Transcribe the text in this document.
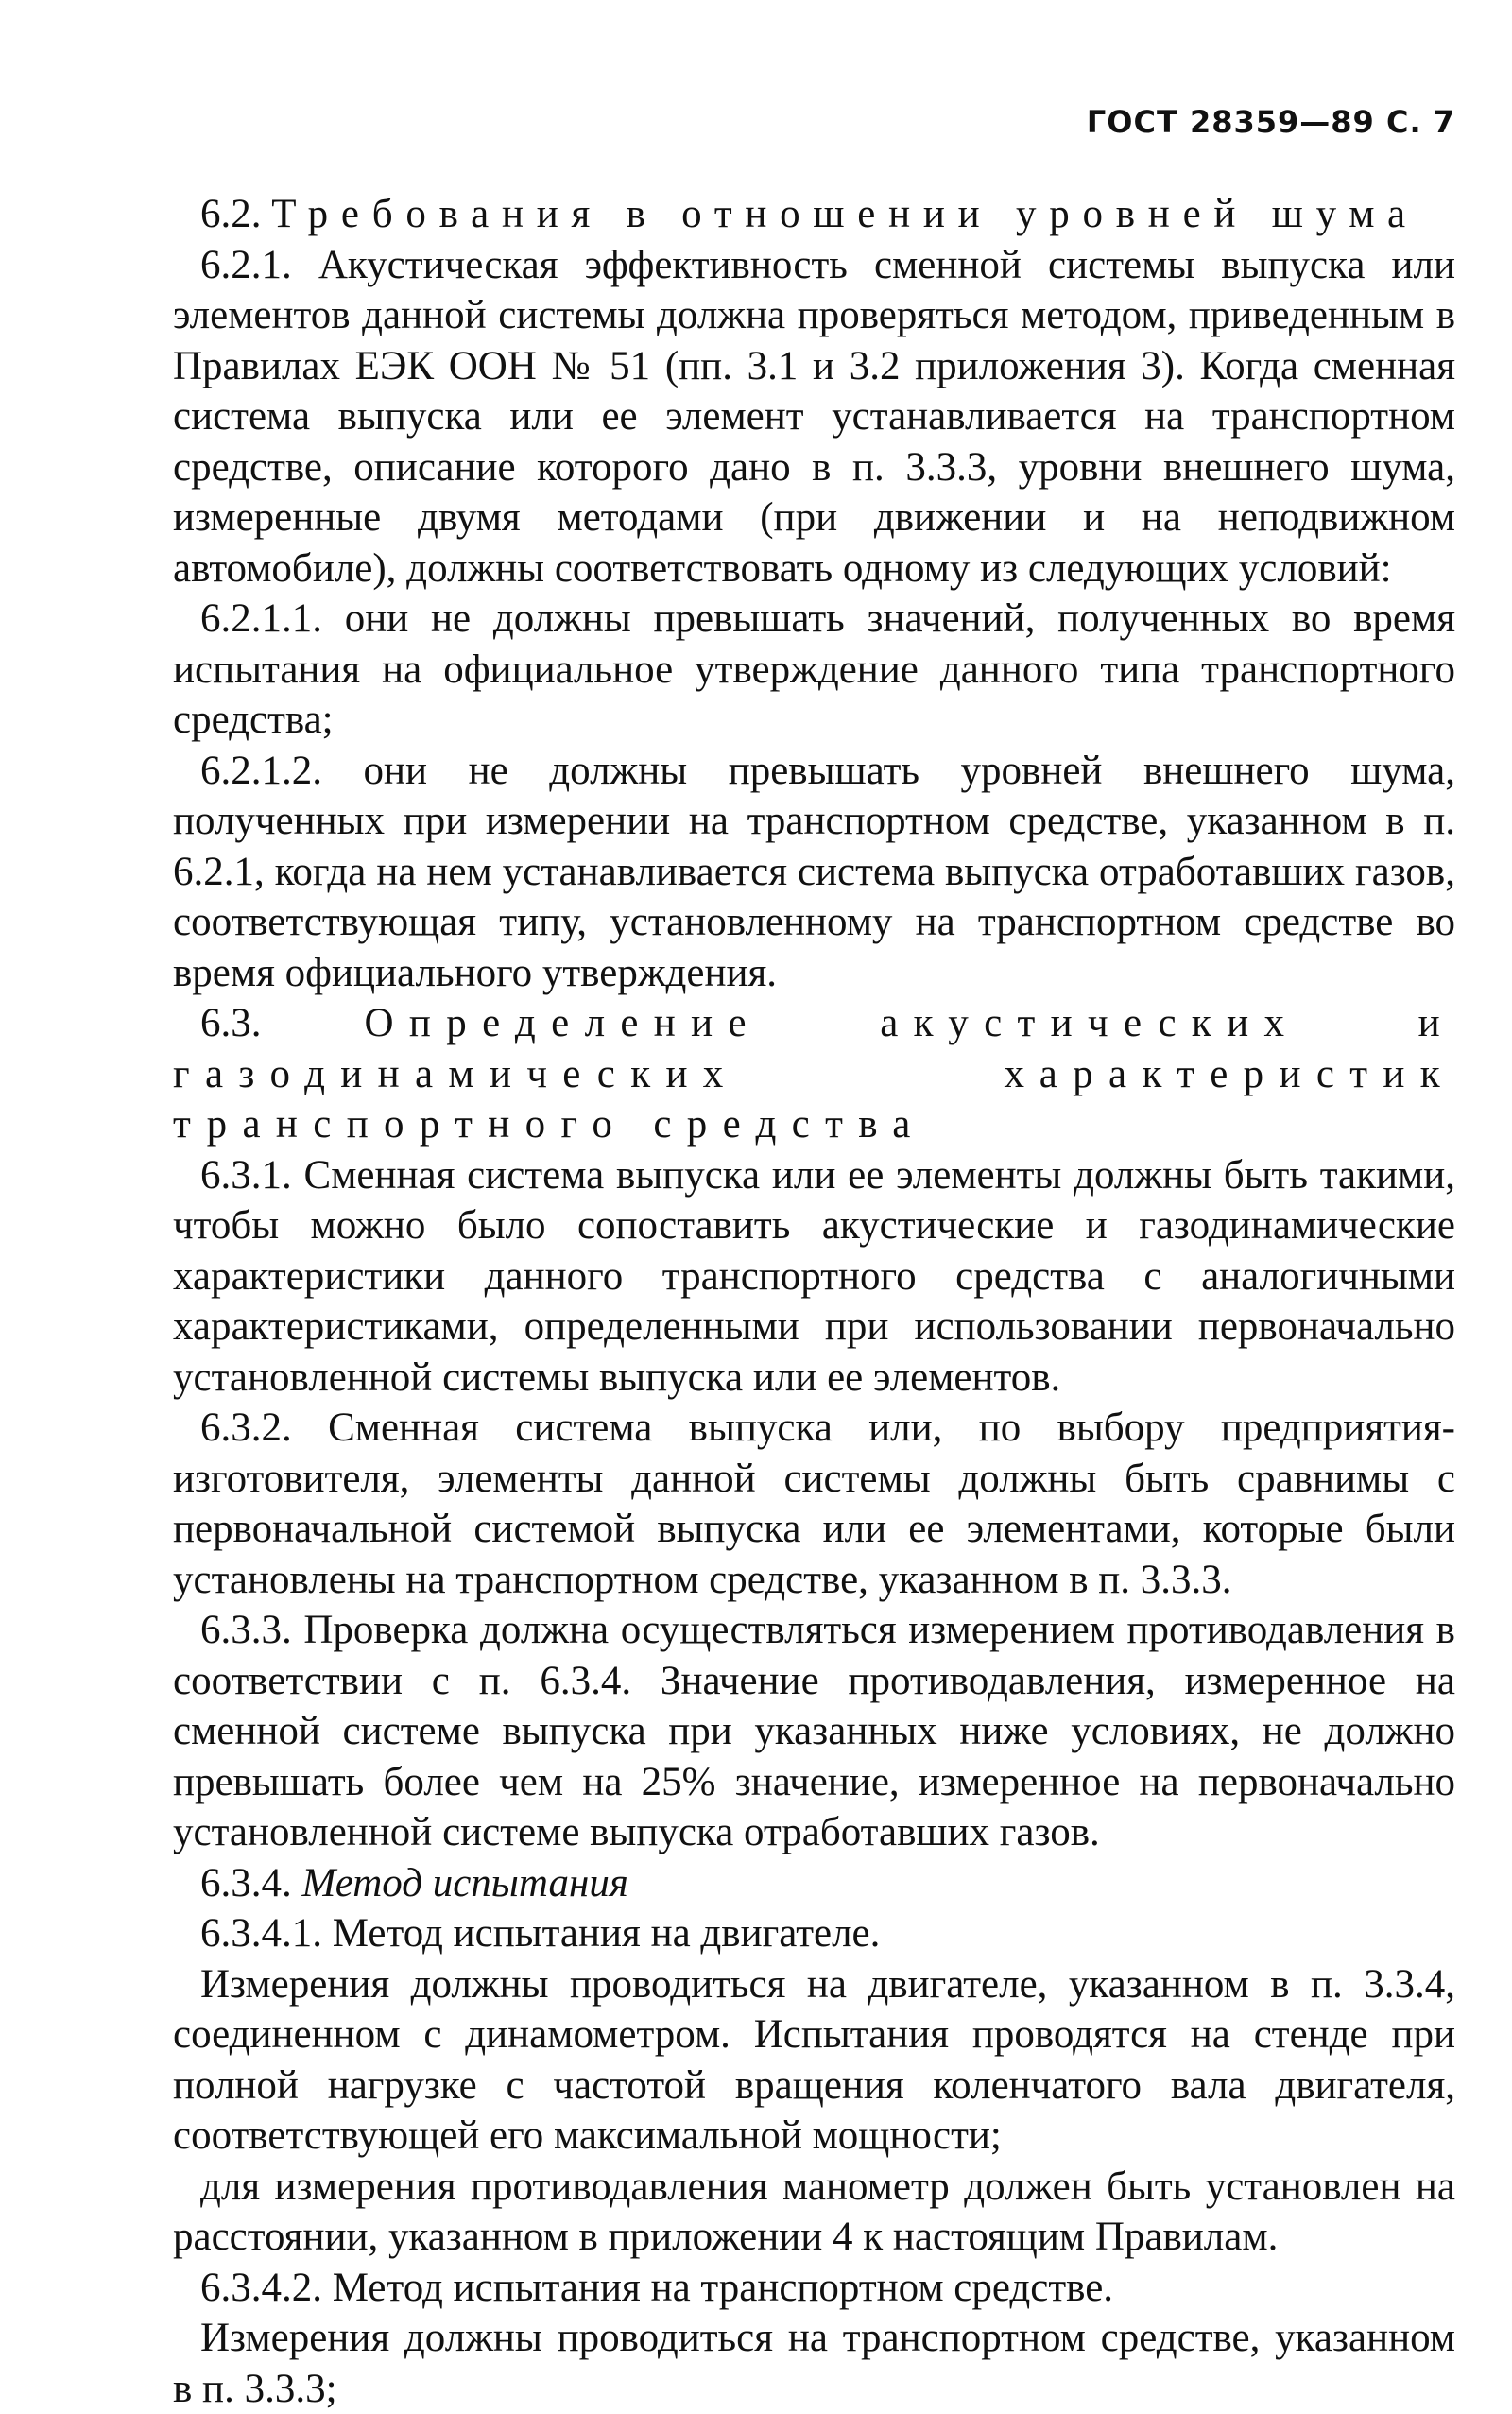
ГОСТ 28359—89 С. 7

6.2. Требования в отношении уровней шума

6.2.1. Акустическая эффективность сменной системы выпуска или элементов данной системы должна проверяться методом, приведенным в Правилах ЕЭК ООН № 51 (пп. 3.1 и 3.2 приложения 3). Когда сменная система выпуска или ее элемент устанавливается на транспортном средстве, описание которого дано в п. 3.3.3, уровни внешнего шума, измеренные двумя методами (при движении и на неподвижном автомобиле), должны соответствовать одному из следующих условий:

6.2.1.1. они не должны превышать значений, полученных во время испытания на официальное утверждение данного типа транспортного средства;

6.2.1.2. они не должны превышать уровней внешнего шума, полученных при измерении на транспортном средстве, указанном в п. 6.2.1, когда на нем устанавливается система выпуска отработавших газов, соответствующая типу, установленному на транспортном средстве во время официального утверждения.

6.3.	Определение акустических и газодинамических характеристик транспортного средства

6.3.1. Сменная система выпуска или ее элементы должны быть такими, чтобы можно было сопоставить акустические и газодинамические характеристики данного транспортного средства с аналогичными характеристиками, определенными при использовании первоначально установленной системы выпуска или ее элементов.

6.3.2. Сменная система выпуска или, по выбору предприятия-изготовителя, элементы данной системы должны быть сравнимы с первоначальной системой выпуска или ее элементами, которые были установлены на транспортном средстве, указанном в п. 3.3.3.

6.3.3. Проверка должна осуществляться измерением противодавления в соответствии с п. 6.3.4. Значение противодавления, измеренное на сменной системе выпуска при указанных ниже условиях, не должно превышать более чем на 25% значение, измеренное на первоначально установленной системе выпуска отработавших газов.

6.3.4. Метод испытания

6.3.4.1. Метод испытания на двигателе.

Измерения должны проводиться на двигателе, указанном в п. 3.3.4, соединенном с динамометром. Испытания проводятся на стенде при полной нагрузке с частотой вращения коленчатого вала двигателя, соответствующей его максимальной мощности;

для измерения противодавления манометр должен быть установлен на расстоянии, указанном в приложении 4 к настоящим Правилам.

6.3.4.2. Метод испытания на транспортном средстве.

Измерения должны проводиться на транспортном средстве, указанном в п. 3.3.3;
